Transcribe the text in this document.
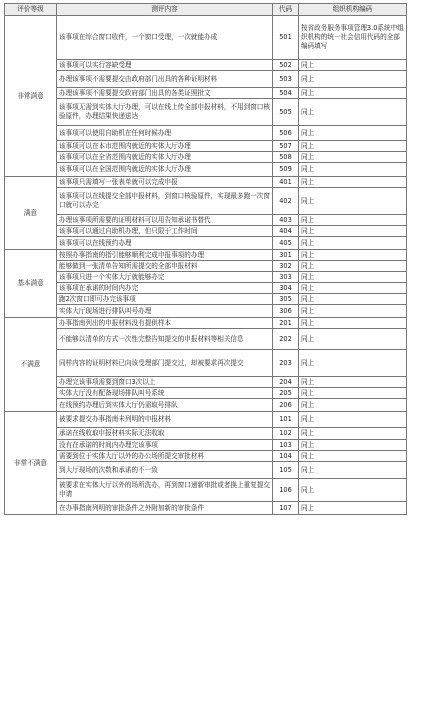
评价等级	测评内容	代码	组织机构编码
非常满意	该事项在综合窗口收件，一个窗口受理，一次就能办成	501	按省政务服务事项管理3.0系统中组织机构的统一社会信用代码的全部编码填写
	该事项可以实行容缺受理	502	同上
	办理该事项不需要提交由政府部门出具的各种证明材料	503	同上
	办理该事项不需要提交政府部门出具的各类证照批文	504	同上
	该事项无需到实体大厅办理，可以在线上传全部申报材料，不用到窗口核验原件，办理结果快递送达	505	同上
	该事项可以使用自助机在任何时候办理	506	同上
	该事项可以在本市范围内就近的实体大厅办理	507	同上
	该事项可以在全省范围内就近的实体大厅办理	508	同上
	该事项可以在全国范围内就近的实体大厅办理	509	同上
满意	该事项只需填写一张表单就可以完成申报	401	同上
	该事项可以在线提交全部申报材料，到窗口核验原件，实现最多跑一次窗口就可以办完	402	同上
	办理该事项所需要的证明材料可以用告知承诺书替代	403	同上
	该事项可以通过自助机办理，但只限于工作时间	404	同上
	该事项可以在线预约办理	405	同上
基本满意	按照办事指南的指引能够顺利完成申报事项的办理	301	同上
	能够做到一张清单告知所需提交的全部申报材料	302	同上
	该事项只进一个实体大厅就能够办完	303	同上
	该事项在承诺的时间内办完	304	同上
	跑2次窗口即可办完该事项	305	同上
	实体大厅现场进行排队叫号办理	306	同上
不满意	办事指南列出的申报材料没有提供样本	201	同上
	不能够以清单的方式一次性完整告知提交的申报材料等相关信息	202	同上
	同样内容的证明材料已向该受理部门提交过，却被要求再次提交	203	同上
	办理完该事项需要到窗口3次以上	204	同上
	实体大厅没有配备现场排队叫号系统	205	同上
	在线预约办理后到实体大厅仍需取号排队	206	同上
非常不满意	被要求提交办事指南未列明的申报材料	101	同上
	承诺在线收取申报材料实际无法收取	102	同上
	没有在承诺的时间内办理完该事项	103	同上
	需要到位于实体大厅以外的办公场所提交审批材料	104	同上
	到大厅现场的次数和承诺的不一致	105	同上
	被要求在实体大厅以外的场所洗办，再到窗口递新审批或者换上重复提交申请	106	同上
	在办事指南列明的审批条件之外附加新的审批条件	107	同上
